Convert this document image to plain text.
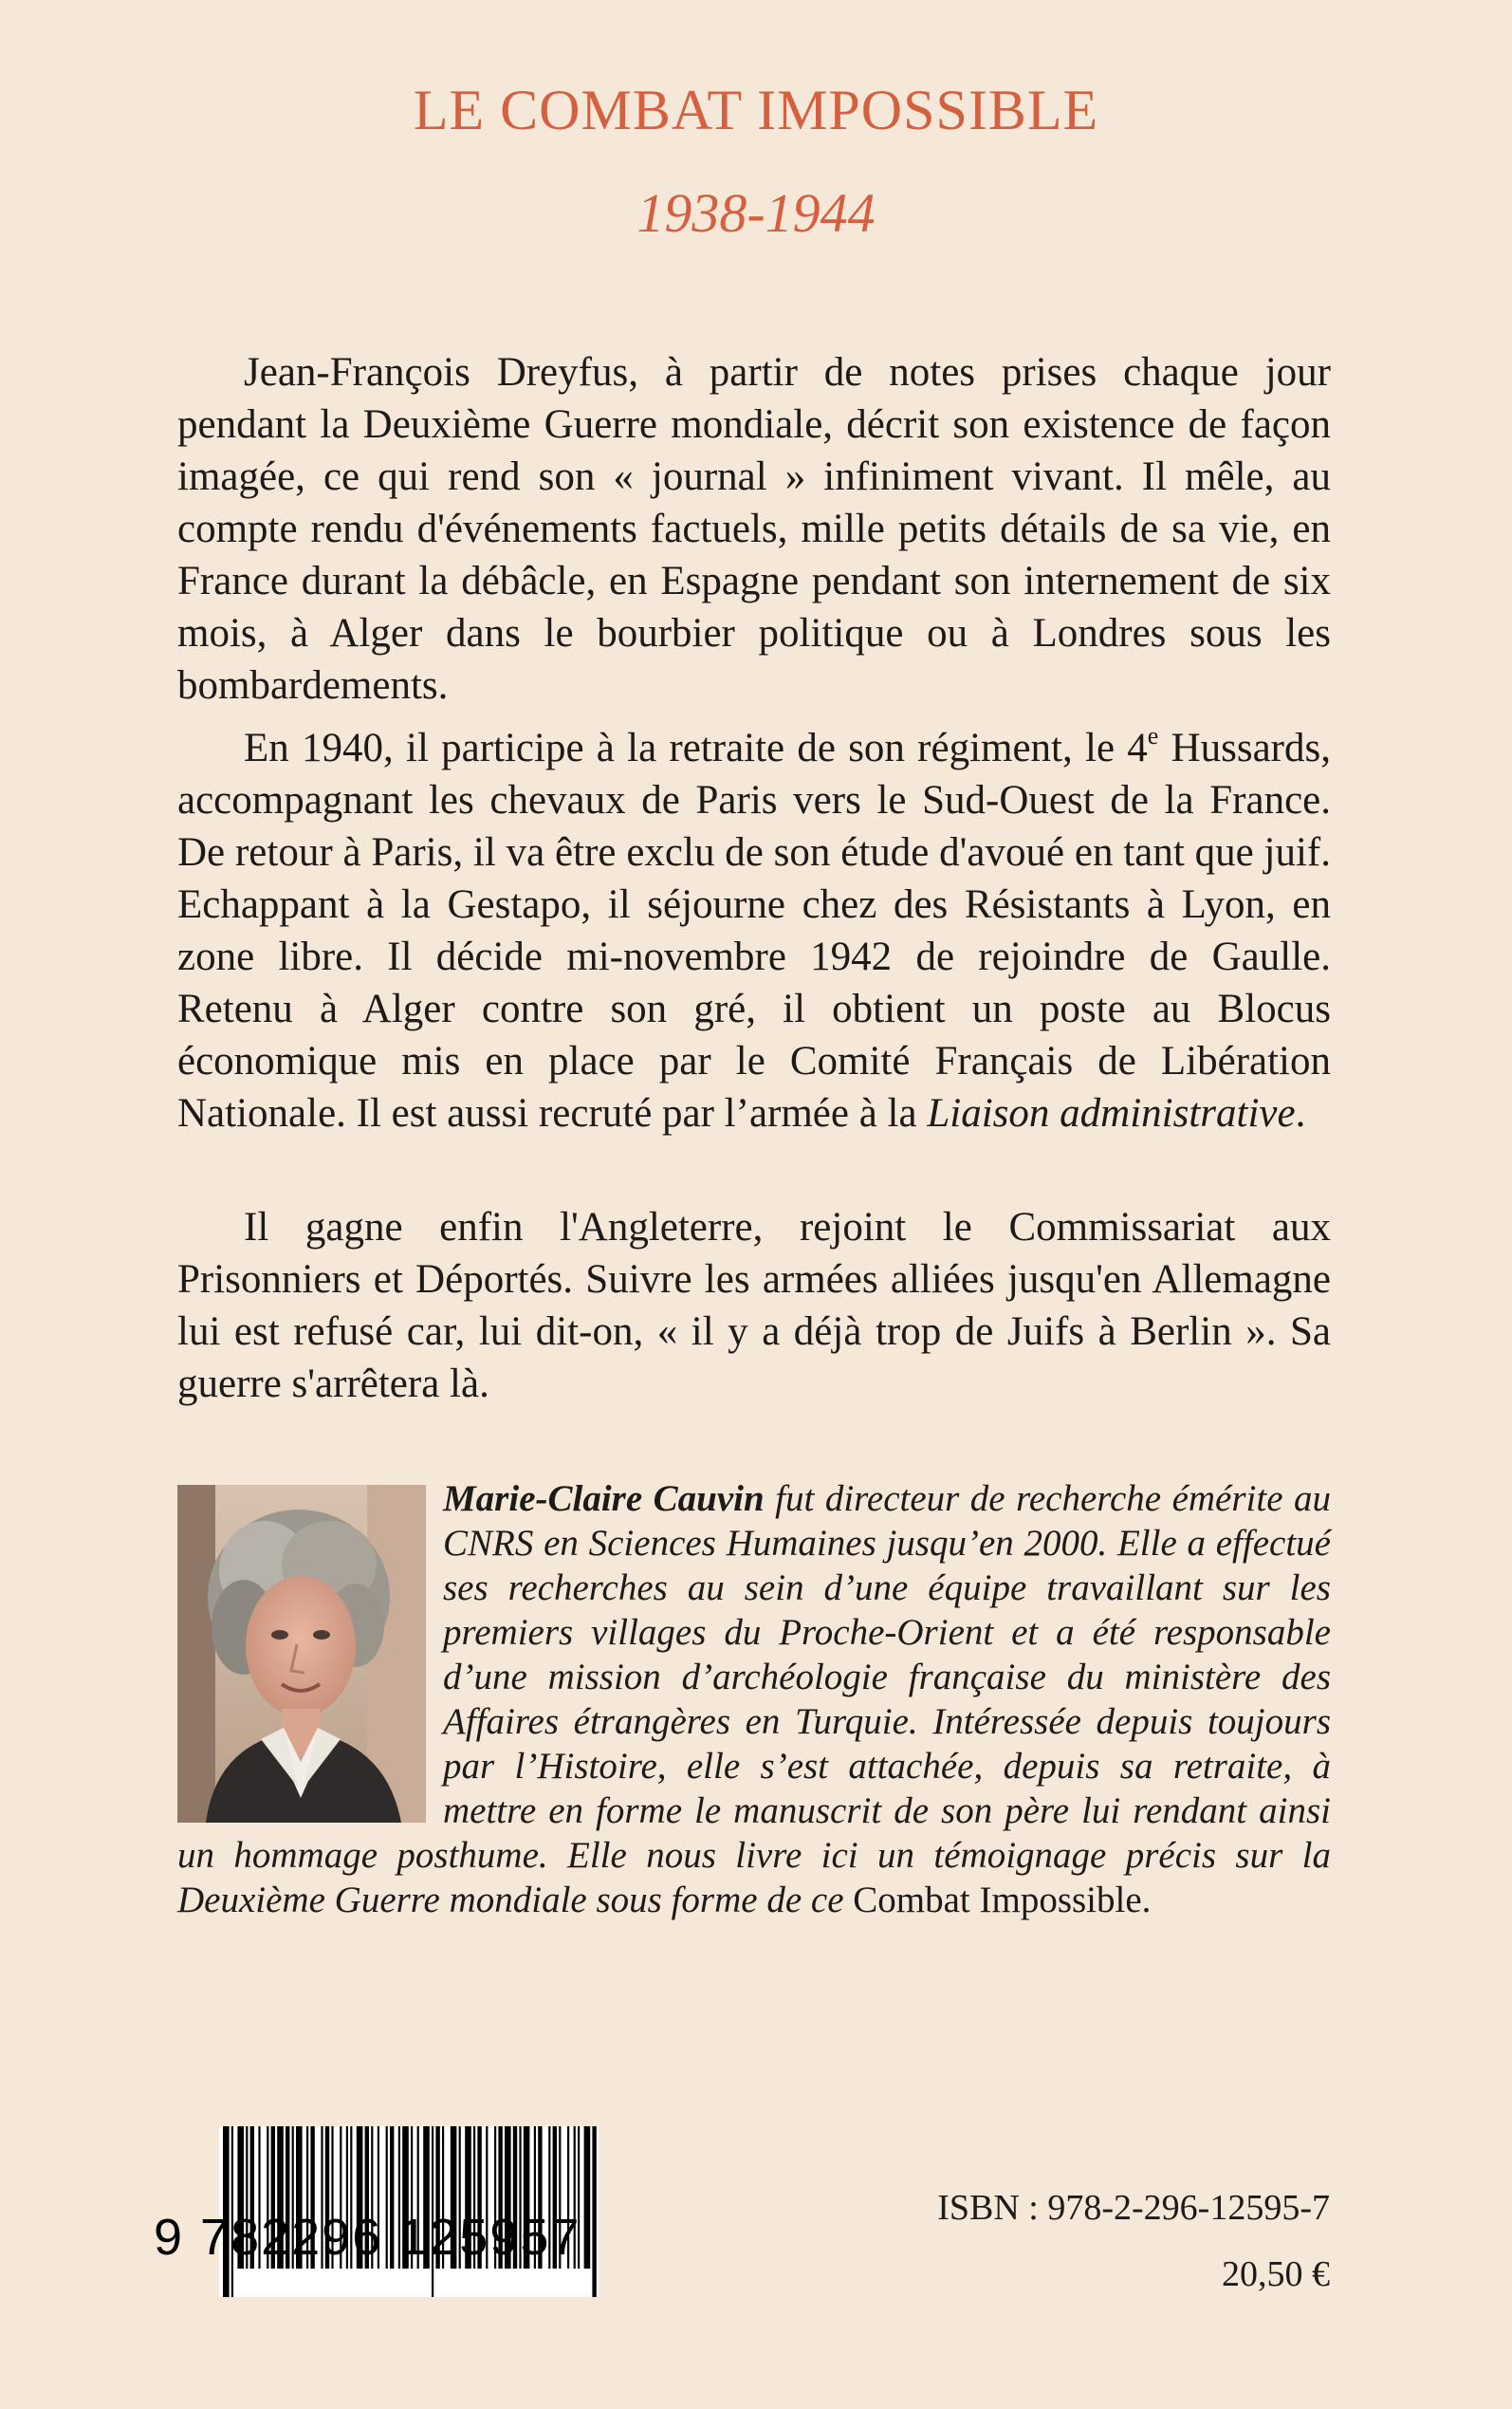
LE COMBAT IMPOSSIBLE
1938-1944

Jean-François Dreyfus, à partir de notes prises chaque jour pendant la Deuxième Guerre mondiale, décrit son existence de façon imagée, ce qui rend son « journal » infiniment vivant. Il mêle, au compte rendu d'événements factuels, mille petits détails de sa vie, en France durant la débâcle, en Espagne pendant son internement de six mois, à Alger dans le bourbier politique ou à Londres sous les bombardements.

En 1940, il participe à la retraite de son régiment, le 4e Hussards, accompagnant les chevaux de Paris vers le Sud-Ouest de la France. De retour à Paris, il va être exclu de son étude d'avoué en tant que juif. Echappant à la Gestapo, il séjourne chez des Résistants à Lyon, en zone libre. Il décide mi-novembre 1942 de rejoindre de Gaulle. Retenu à Alger contre son gré, il obtient un poste au Blocus économique mis en place par le Comité Français de Libération Nationale. Il est aussi recruté par l’armée à la Liaison administrative.

Il gagne enfin l'Angleterre, rejoint le Commissariat aux Prisonniers et Déportés. Suivre les armées alliées jusqu'en Allemagne lui est refusé car, lui dit-on, « il y a déjà trop de Juifs à Berlin ». Sa guerre s'arrêtera là.

Marie-Claire Cauvin fut directeur de recherche émérite au CNRS en Sciences Humaines jusqu’en 2000. Elle a effectué ses recherches au sein d’une équipe travaillant sur les premiers villages du Proche-Orient et a été responsable d’une mission d’archéologie française du ministère des Affaires étrangères en Turquie. Intéressée depuis toujours par l’Histoire, elle s’est attachée, depuis sa retraite, à mettre en forme le manuscrit de son père lui rendant ainsi un hommage posthume. Elle nous livre ici un témoignage précis sur la Deuxième Guerre mondiale sous forme de ce Combat Impossible.
9 782296 125957
ISBN : 978-2-296-12595-7
20,50 €
